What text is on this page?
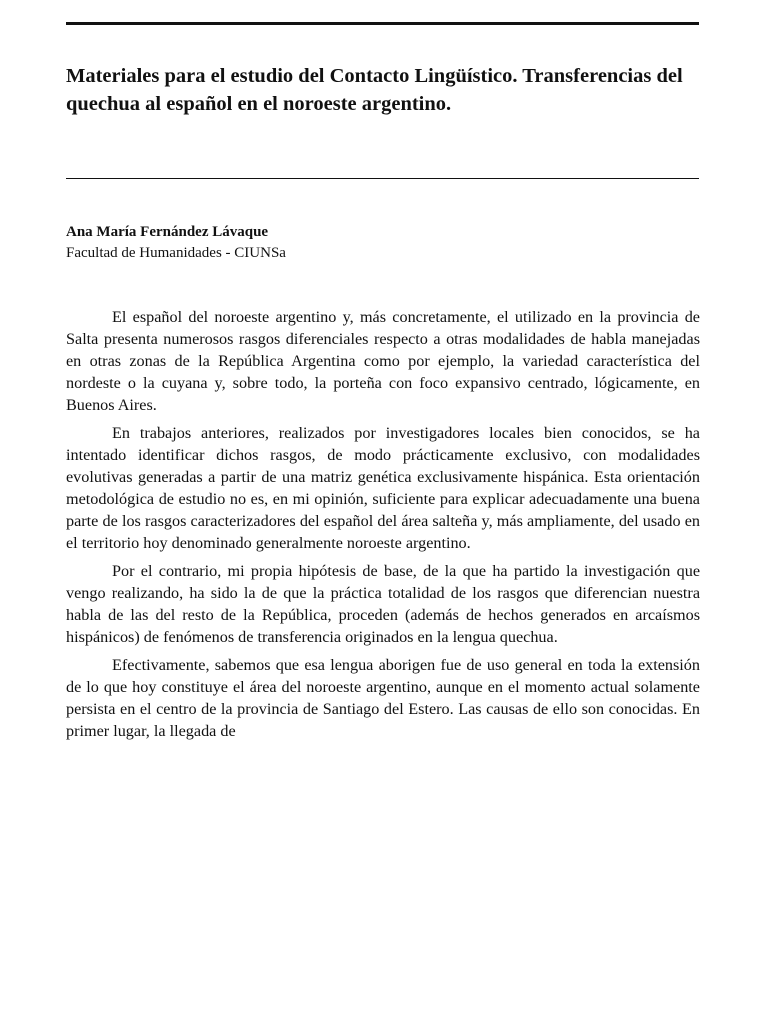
Materiales para el estudio del Contacto Lingüístico. Transferencias del quechua al español en el noroeste argentino.

Ana María Fernández Lávaque

Facultad de Humanidades - CIUNSa

El español del noroeste argentino y, más concretamente, el utilizado en la provincia de Salta presenta numerosos rasgos diferenciales respecto a otras modalidades de habla manejadas en otras zonas de la República Argentina como por ejemplo, la variedad característica del nordeste o la cuyana y, sobre todo, la porteña con foco expansivo centrado, lógicamente, en Buenos Aires.

En trabajos anteriores, realizados por investigadores locales bien conocidos, se ha intentado identificar dichos rasgos, de modo prácticamente exclusivo, con modalidades evolutivas generadas a partir de una matriz genética exclusivamente hispánica. Esta orientación metodológica de estudio no es, en mi opinión, suficiente para explicar adecuadamente una buena parte de los rasgos caracterizadores del español del área salteña y, más ampliamente, del usado en el territorio hoy denominado generalmente noroeste argentino.

Por el contrario, mi propia hipótesis de base, de la que ha partido la investigación que vengo realizando, ha sido la de que la práctica totalidad de los rasgos que diferencian nuestra habla de las del resto de la República, proceden (además de hechos generados en arcaísmos hispánicos) de fenómenos de transferencia originados en la lengua quechua.

Efectivamente, sabemos que esa lengua aborigen fue de uso general en toda la extensión de lo que hoy constituye el área del noroeste argentino, aunque en el momento actual solamente persista en el centro de la provincia de Santiago del Estero. Las causas de ello son conocidas. En primer lugar, la llegada de
